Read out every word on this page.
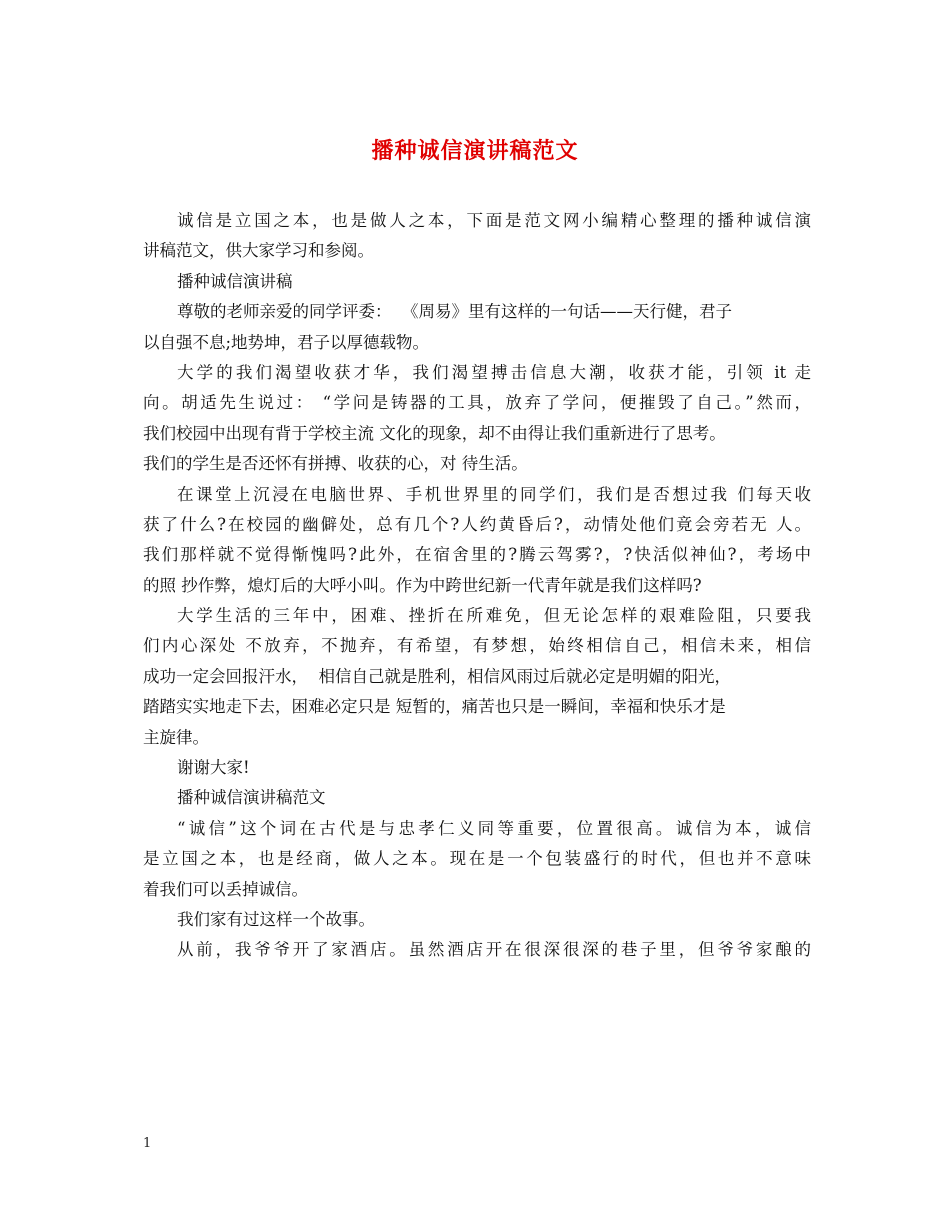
播种诚信演讲稿范文
诚信是立国之本，也是做人之本，下面是范文网小编精心整理的播种诚信演
讲稿范文，供大家学习和参阅。
播种诚信演讲稿
尊敬的老师亲爱的同学评委：  《周易》里有这样的一句话——天行健，君子
以自强不息;地势坤，君子以厚德载物。
大学的我们渴望收获才华，我们渴望搏击信息大潮，收获才能，引领 it 走
向。胡适先生说过： “学问是铸器的工具，放弃了学问，便摧毁了自己。”然而，
我们校园中出现有背于学校主流 文化的现象，却不由得让我们重新进行了思考。
我们的学生是否还怀有拼搏、收获的心，对 待生活。
在课堂上沉浸在电脑世界、手机世界里的同学们，我们是否想过我 们每天收
获了什么?在校园的幽僻处，总有几个?人约黄昏后?，动情处他们竟会旁若无 人。
我们那样就不觉得惭愧吗?此外，在宿舍里的?腾云驾雾?，?快活似神仙?，考场中
的照 抄作弊，熄灯后的大呼小叫。作为中跨世纪新一代青年就是我们这样吗?
大学生活的三年中，困难、挫折在所难免，但无论怎样的艰难险阻，只要我
们内心深处 不放弃，不抛弃，有希望，有梦想，始终相信自己，相信未来，相信
成功一定会回报汗水，  相信自己就是胜利，相信风雨过后就必定是明媚的阳光，
踏踏实实地走下去，困难必定只是 短暂的，痛苦也只是一瞬间，幸福和快乐才是
主旋律。
谢谢大家!
播种诚信演讲稿范文
“诚信”这个词在古代是与忠孝仁义同等重要，位置很高。诚信为本，诚信
是立国之本，也是经商，做人之本。现在是一个包装盛行的时代，但也并不意味
着我们可以丢掉诚信。
我们家有过这样一个故事。
从前，我爷爷开了家酒店。虽然酒店开在很深很深的巷子里，但爷爷家酿的
1
